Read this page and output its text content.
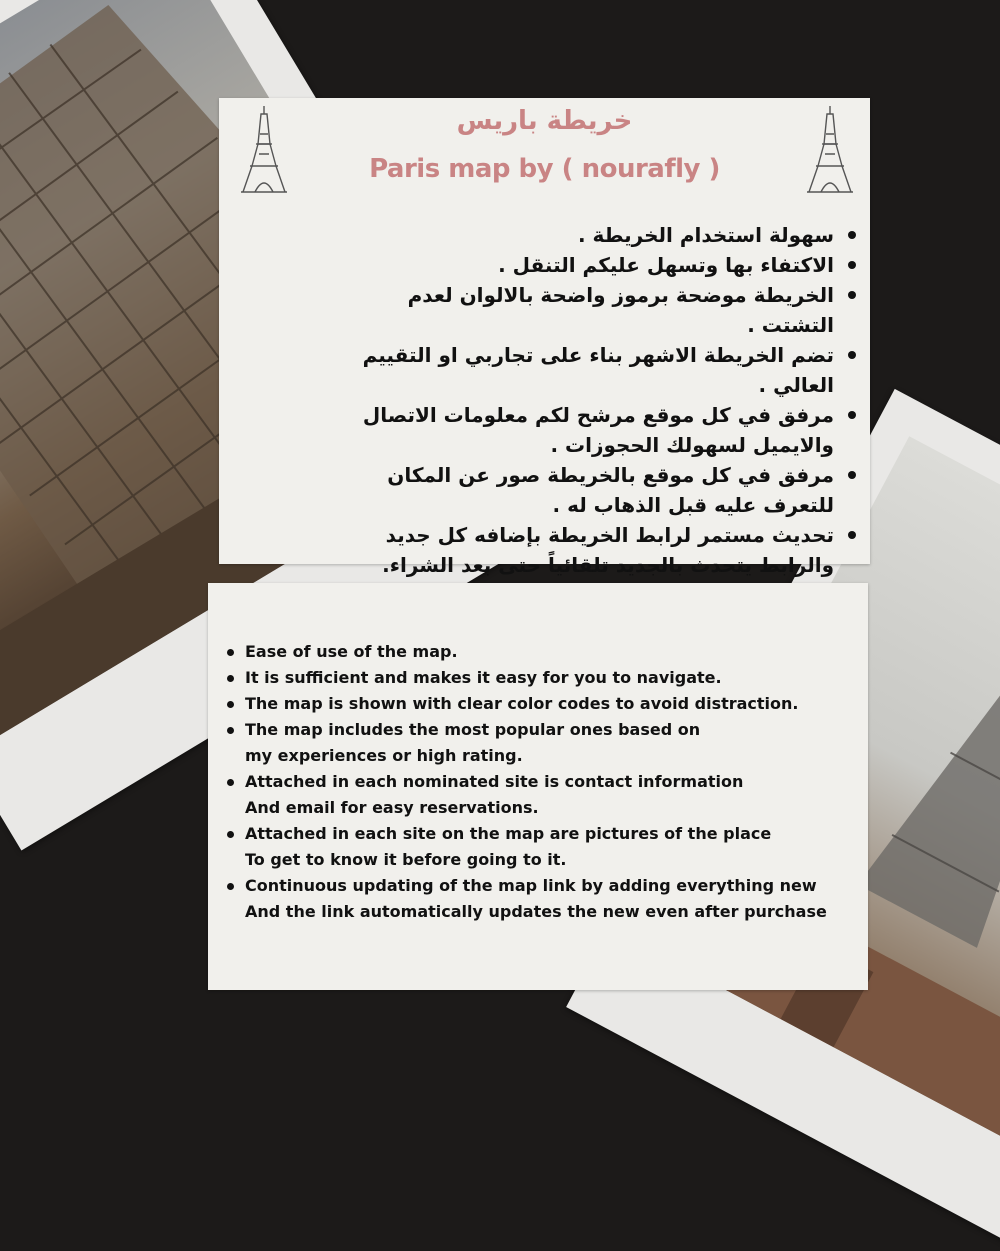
خريطة باريس
Paris map by ( nourafly )
سهولة استخدام الخريطة .
الاكتفاء بها وتسهل عليكم التنقل .
الخريطة موضحة برموز واضحة بالالوان لعدم التشتت .
تضم الخريطة الاشهر بناء على تجاربي او التقييم العالي .
مرفق في كل موقع مرشح لكم معلومات الاتصال والايميل لسهولك الحجوزات .
مرفق في كل موقع بالخريطة صور عن المكان للتعرف عليه قبل الذهاب له .
تحديث مستمر لرابط الخريطة بإضافه كل جديد والرابط يتحدث بالجديد تلقائياً حتى بعد الشراء.
Ease of use of the map.
It is sufficient and makes it easy for you to navigate.
The map is shown with clear color codes to avoid distraction.
The map includes the most popular ones based on
my experiences or high rating.
Attached in each nominated site is contact information
And email for easy reservations.
Attached in each site on the map are pictures of the place
To get to know it before going to it.
Continuous updating of the map link by adding everything new
And the link automatically updates the new even after purchase
